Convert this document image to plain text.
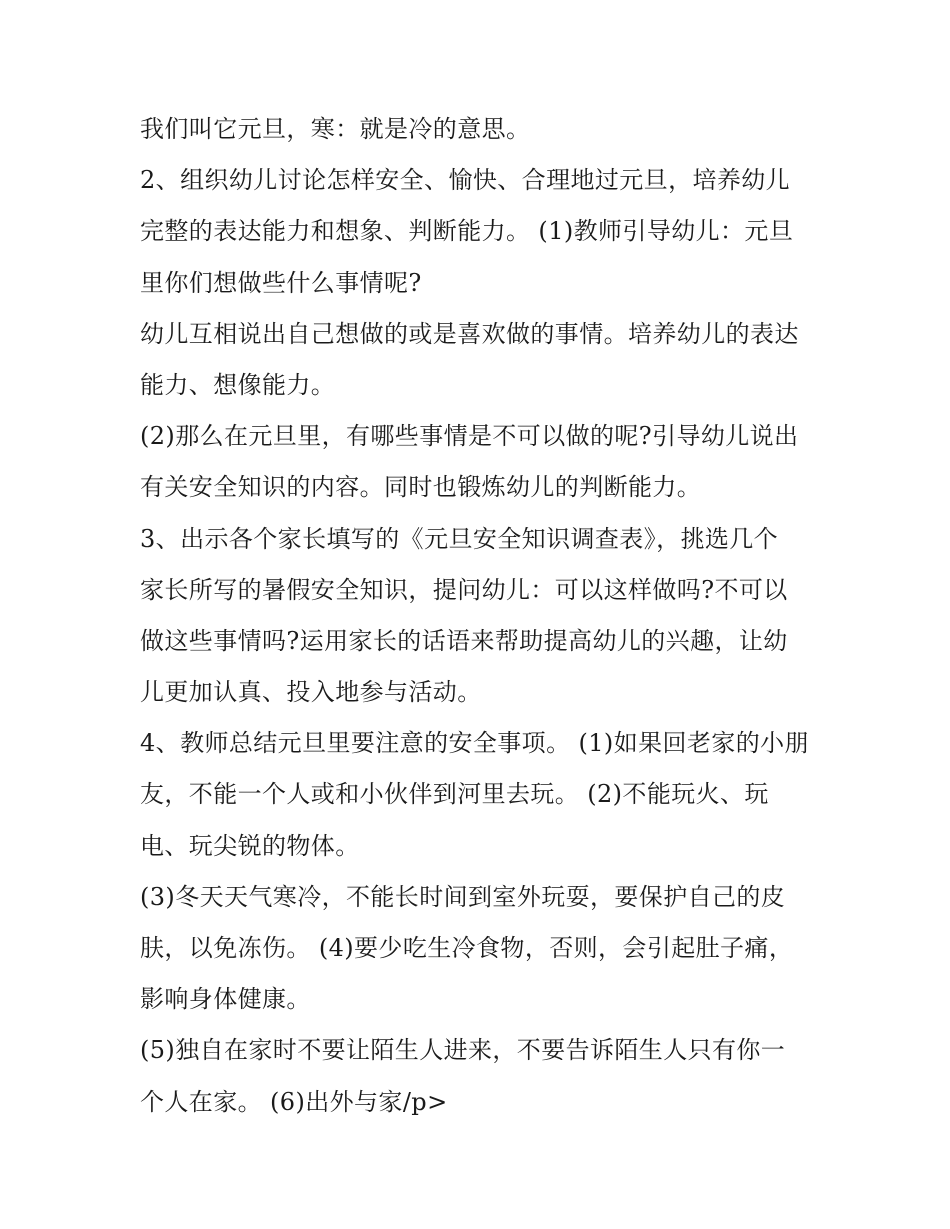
我们叫它元旦，寒：就是冷的意思。
2、组织幼儿讨论怎样安全、愉快、合理地过元旦，培养幼儿
完整的表达能力和想象、判断能力。 (1)教师引导幼儿：元旦
里你们想做些什么事情呢?
幼儿互相说出自己想做的或是喜欢做的事情。培养幼儿的表达
能力、想像能力。
(2)那么在元旦里，有哪些事情是不可以做的呢?引导幼儿说出
有关安全知识的内容。同时也锻炼幼儿的判断能力。
3、出示各个家长填写的《元旦安全知识调查表》，挑选几个
家长所写的暑假安全知识，提问幼儿：可以这样做吗?不可以
做这些事情吗?运用家长的话语来帮助提高幼儿的兴趣，让幼
儿更加认真、投入地参与活动。
4、教师总结元旦里要注意的安全事项。 (1)如果回老家的小朋
友，不能一个人或和小伙伴到河里去玩。 (2)不能玩火、玩
电、玩尖锐的物体。
(3)冬天天气寒冷，不能长时间到室外玩耍，要保护自己的皮
肤，以免冻伤。 (4)要少吃生冷食物，否则，会引起肚子痛，
影响身体健康。
(5)独自在家时不要让陌生人进来，不要告诉陌生人只有你一
个人在家。 (6)出外与家/p>
